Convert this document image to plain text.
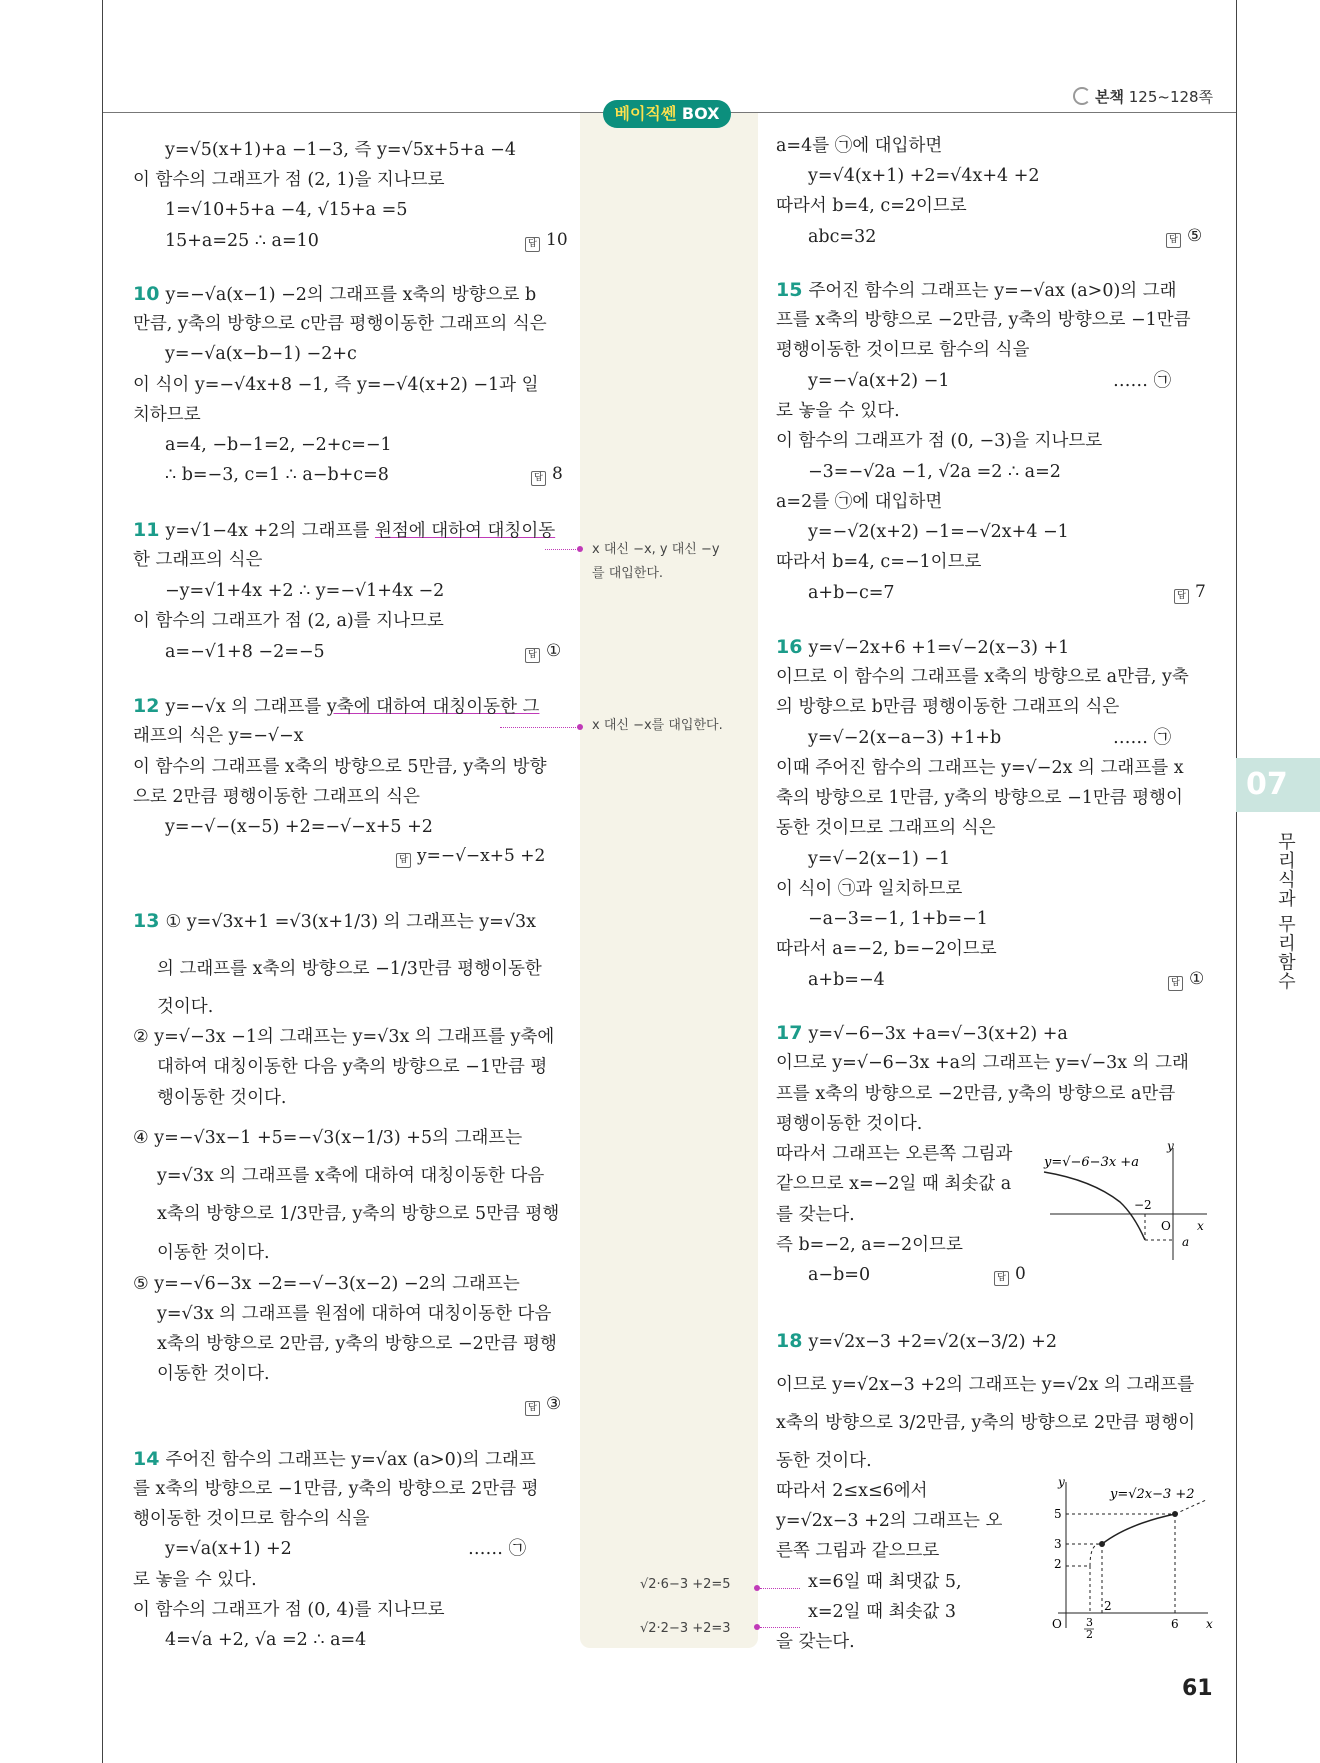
본책 125~128쪽
베이직쎈 BOX
y=√5(x+1)+a −1−3, 즉 y=√5x+5+a −4
이 함수의 그래프가 점 (2, 1)을 지나므로
1=√10+5+a −4, √15+a =5
15+a=25 ∴ a=10	답 10
10 y=−√a(x−1) −2의 그래프를 x축의 방향으로 b
만큼, y축의 방향으로 c만큼 평행이동한 그래프의 식은
y=−√a(x−b−1) −2+c
이 식이 y=−√4x+8 −1, 즉 y=−√4(x+2) −1과 일
치하므로
a=4, −b−1=2, −2+c=−1
∴ b=−3, c=1 ∴ a−b+c=8	답 8
11 y=√1−4x +2의 그래프를 원점에 대하여 대칭이동
한 그래프의 식은
−y=√1+4x +2 ∴ y=−√1+4x −2
이 함수의 그래프가 점 (2, a)를 지나므로
a=−√1+8 −2=−5	답 ①
12 y=−√x 의 그래프를 y축에 대하여 대칭이동한 그
래프의 식은 y=−√−x
이 함수의 그래프를 x축의 방향으로 5만큼, y축의 방향
으로 2만큼 평행이동한 그래프의 식은
y=−√−(x−5) +2=−√−x+5 +2
답 y=−√−x+5 +2
13 ① y=√3x+1 =√3(x+1/3) 의 그래프는 y=√3x
의 그래프를 x축의 방향으로 −1/3만큼 평행이동한
것이다.
② y=√−3x −1의 그래프는 y=√3x 의 그래프를 y축에
대하여 대칭이동한 다음 y축의 방향으로 −1만큼 평
행이동한 것이다.
④ y=−√3x−1 +5=−√3(x−1/3) +5의 그래프는
y=√3x 의 그래프를 x축에 대하여 대칭이동한 다음
x축의 방향으로 1/3만큼, y축의 방향으로 5만큼 평행
이동한 것이다.
⑤ y=−√6−3x −2=−√−3(x−2) −2의 그래프는
y=√3x 의 그래프를 원점에 대하여 대칭이동한 다음
x축의 방향으로 2만큼, y축의 방향으로 −2만큼 평행
이동한 것이다.
답 ③
14 주어진 함수의 그래프는 y=√ax (a>0)의 그래프
를 x축의 방향으로 −1만큼, y축의 방향으로 2만큼 평
행이동한 것이므로 함수의 식을
y=√a(x+1) +2	…… ㉠
로 놓을 수 있다.
이 함수의 그래프가 점 (0, 4)를 지나므로
4=√a +2, √a =2 ∴ a=4
x 대신 −x, y 대신 −y
를 대입한다.
x 대신 −x를 대입한다.
√2·6−3 +2=5
√2·2−3 +2=3
a=4를 ㉠에 대입하면
y=√4(x+1) +2=√4x+4 +2
따라서 b=4, c=2이므로
abc=32	답 ⑤
15 주어진 함수의 그래프는 y=−√ax (a>0)의 그래
프를 x축의 방향으로 −2만큼, y축의 방향으로 −1만큼
평행이동한 것이므로 함수의 식을
y=−√a(x+2) −1	…… ㉠
로 놓을 수 있다.
이 함수의 그래프가 점 (0, −3)을 지나므로
−3=−√2a −1, √2a =2 ∴ a=2
a=2를 ㉠에 대입하면
y=−√2(x+2) −1=−√2x+4 −1
따라서 b=4, c=−1이므로
a+b−c=7	답 7
16 y=√−2x+6 +1=√−2(x−3) +1
이므로 이 함수의 그래프를 x축의 방향으로 a만큼, y축
의 방향으로 b만큼 평행이동한 그래프의 식은
y=√−2(x−a−3) +1+b	…… ㉠
이때 주어진 함수의 그래프는 y=√−2x 의 그래프를 x
축의 방향으로 1만큼, y축의 방향으로 −1만큼 평행이
동한 것이므로 그래프의 식은
y=√−2(x−1) −1
이 식이 ㉠과 일치하므로
−a−3=−1, 1+b=−1
따라서 a=−2, b=−2이므로
a+b=−4	답 ①
17 y=√−6−3x +a=√−3(x+2) +a
이므로 y=√−6−3x +a의 그래프는 y=√−3x 의 그래
프를 x축의 방향으로 −2만큼, y축의 방향으로 a만큼
평행이동한 것이다.
따라서 그래프는 오른쪽 그림과
같으므로 x=−2일 때 최솟값 a
를 갖는다.
즉 b=−2, a=−2이므로
a−b=0	답 0
18 y=√2x−3 +2=√2(x−3/2) +2
이므로 y=√2x−3 +2의 그래프는 y=√2x 의 그래프를
x축의 방향으로 3/2만큼, y축의 방향으로 2만큼 평행이
동한 것이다.
따라서 2≤x≤6에서
y=√2x−3 +2의 그래프는 오
른쪽 그림과 같으므로
x=6일 때 최댓값 5,
x=2일 때 최솟값 3
을 갖는다.
y=√−6−3x +a
y
x
O
−2
a
y=√2x−3 +2
y
x
O
5
3
2
3
2
2
6
07
무리식과 무리함수
61
